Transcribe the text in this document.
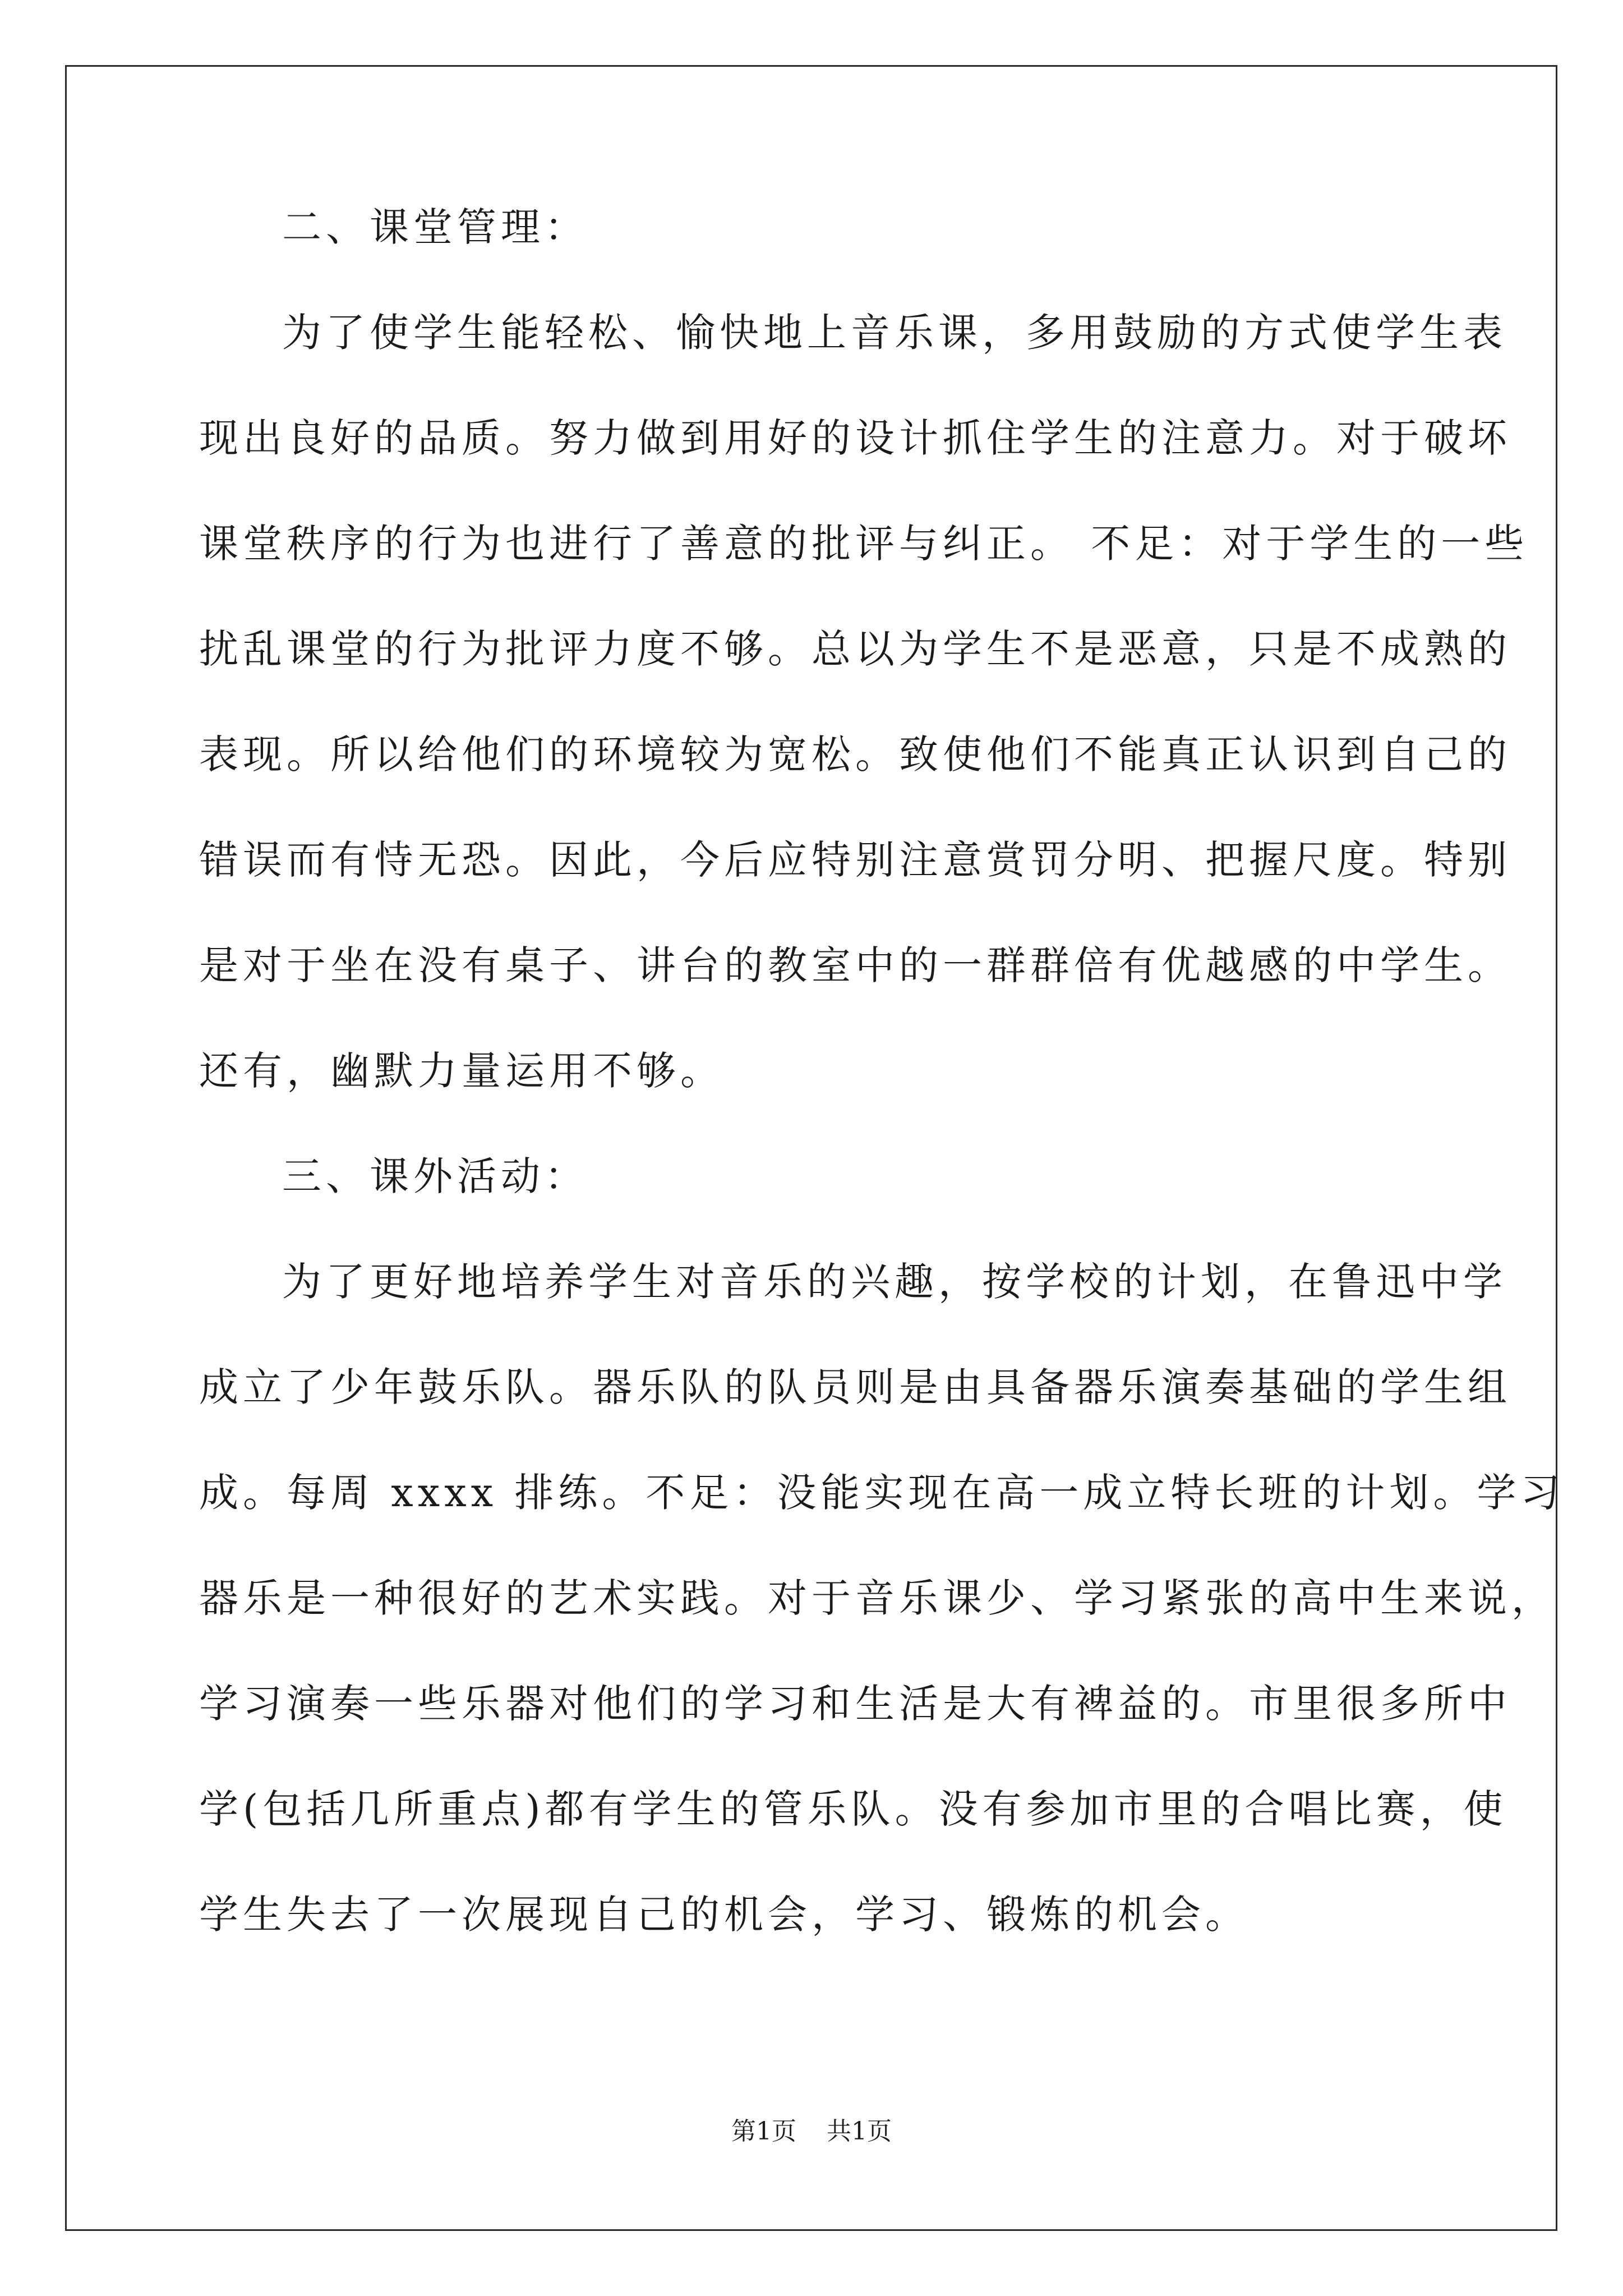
二、课堂管理：
为了使学生能轻松、愉快地上音乐课，多用鼓励的方式使学生表
现出良好的品质。努力做到用好的设计抓住学生的注意力。对于破坏
课堂秩序的行为也进行了善意的批评与纠正。 不足：对于学生的一些
扰乱课堂的行为批评力度不够。总以为学生不是恶意，只是不成熟的
表现。所以给他们的环境较为宽松。致使他们不能真正认识到自己的
错误而有恃无恐。因此，今后应特别注意赏罚分明、把握尺度。特别
是对于坐在没有桌子、讲台的教室中的一群群倍有优越感的中学生。
还有，幽默力量运用不够。
三、课外活动：
为了更好地培养学生对音乐的兴趣，按学校的计划，在鲁迅中学
成立了少年鼓乐队。器乐队的队员则是由具备器乐演奏基础的学生组
成。每周 xxxx 排练。不足：没能实现在高一成立特长班的计划。学习
器乐是一种很好的艺术实践。对于音乐课少、学习紧张的高中生来说，
学习演奏一些乐器对他们的学习和生活是大有裨益的。市里很多所中
学(包括几所重点)都有学生的管乐队。没有参加市里的合唱比赛，使
学生失去了一次展现自己的机会，学习、锻炼的机会。
第1页 共1页
